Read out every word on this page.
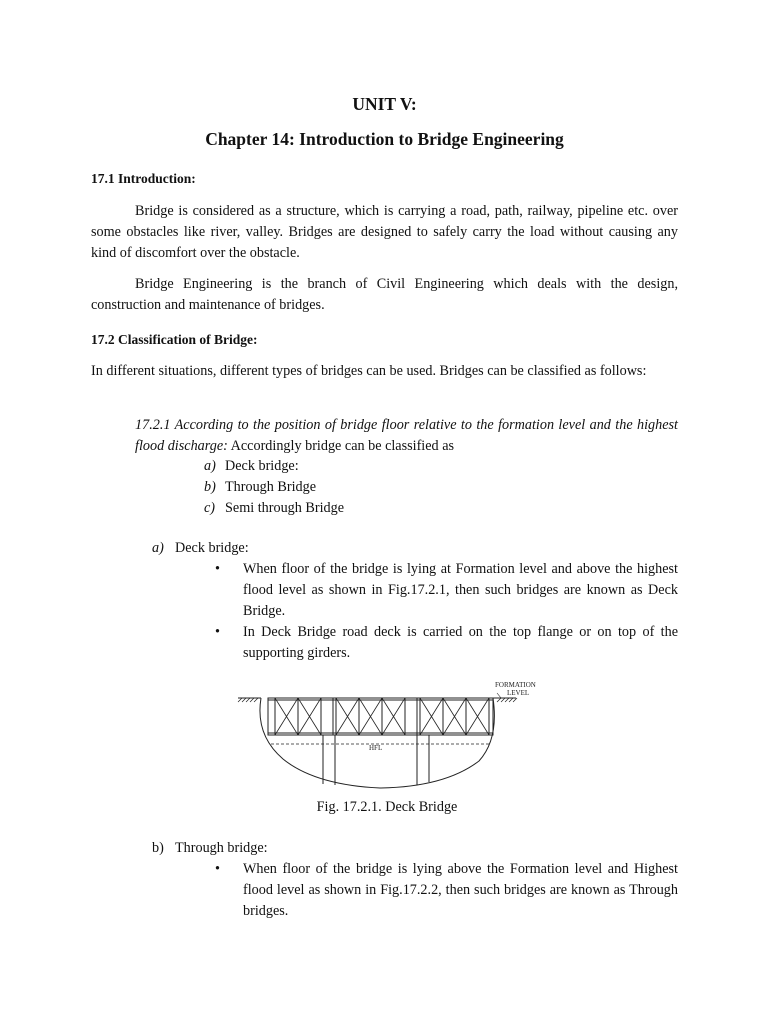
UNIT V:
Chapter 14: Introduction to Bridge Engineering
17.1 Introduction:
Bridge is considered as a structure, which is carrying a road, path, railway, pipeline etc. over some obstacles like river, valley. Bridges are designed to safely carry the load without causing any kind of discomfort over the obstacle.
Bridge Engineering is the branch of Civil Engineering which deals with the design, construction and maintenance of bridges.
17.2 Classification of Bridge:
In different situations, different types of bridges can be used. Bridges can be classified as follows:
17.2.1 According to the position of bridge floor relative to the formation level and the highest flood discharge: Accordingly bridge can be classified as
a) Deck bridge:
b) Through Bridge
c) Semi through Bridge
a) Deck bridge:
• When floor of the bridge is lying at Formation level and above the highest flood level as shown in Fig.17.2.1, then such bridges are known as Deck Bridge.
• In Deck Bridge road deck is carried on the top flange or on top of the supporting girders.
Fig. 17.2.1. Deck Bridge
b) Through bridge:
• When floor of the bridge is lying above the Formation level and Highest flood level as shown in Fig.17.2.2, then such bridges are known as Through bridges.
FORMATION
LEVEL
HFL
